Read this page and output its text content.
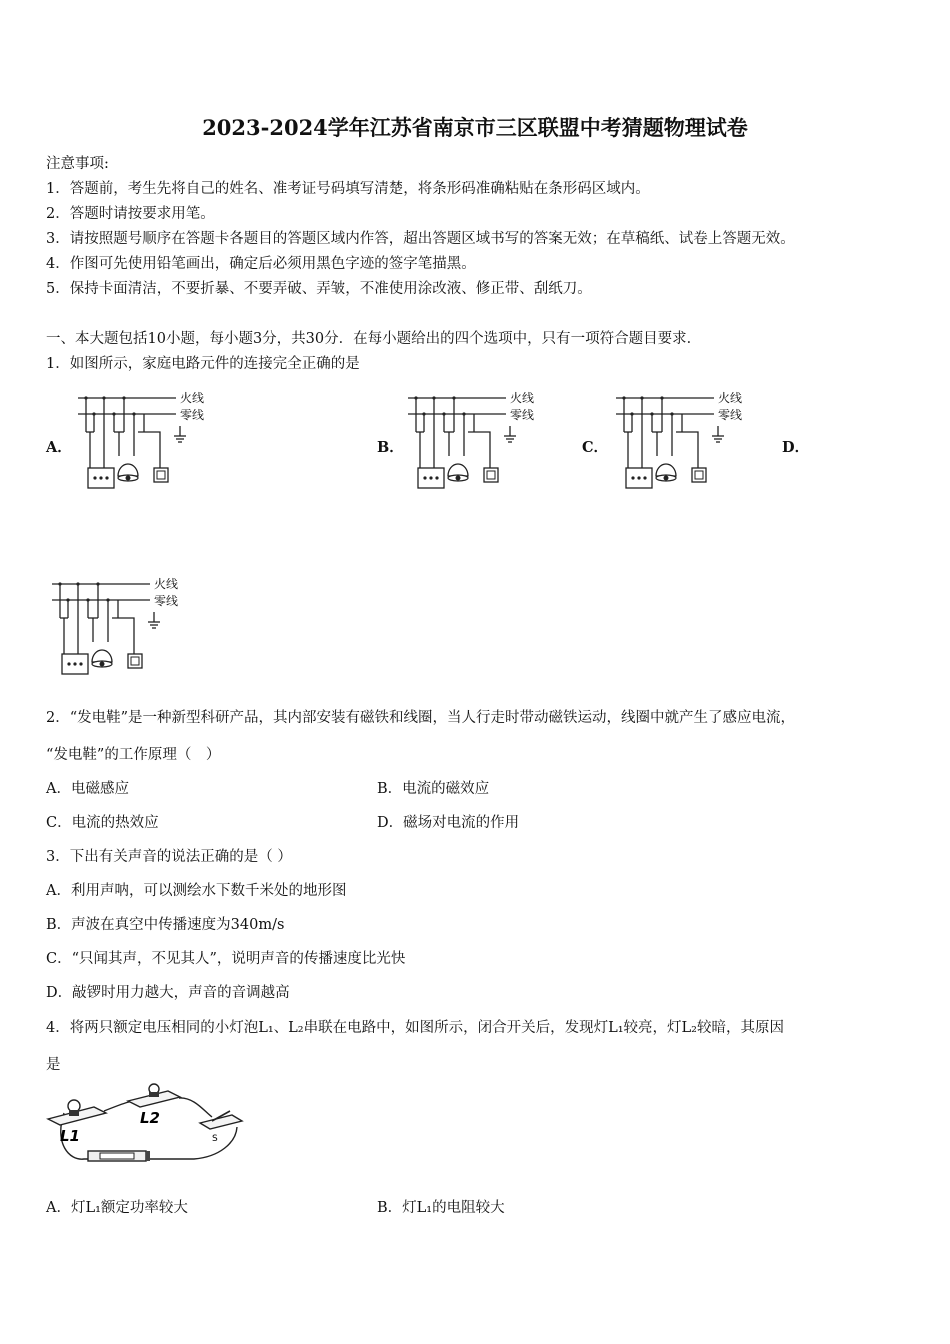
2023-2024学年江苏省南京市三区联盟中考猜题物理试卷
注意事项:
1．答题前，考生先将自己的姓名、准考证号码填写清楚，将条形码准确粘贴在条形码区域内。
2．答题时请按要求用笔。
3．请按照题号顺序在答题卡各题目的答题区域内作答，超出答题区域书写的答案无效；在草稿纸、试卷上答题无效。
4．作图可先使用铅笔画出，确定后必须用黑色字迹的签字笔描黑。
5．保持卡面清洁，不要折暴、不要弄破、弄皱，不准使用涂改液、修正带、刮纸刀。
一、本大题包括10小题，每小题3分，共30分．在每小题给出的四个选项中，只有一项符合题目要求．
1．如图所示，家庭电路元件的连接完全正确的是
A．	B．	C．	D．
火线
零线
火线
零线
火线
零线
火线
零线
2．“发电鞋”是一种新型科研产品，其内部安装有磁铁和线圈，当人行走时带动磁铁运动，线圈中就产生了感应电流，
“发电鞋”的工作原理（　）
A．电磁感应	B．电流的磁效应
C．电流的热效应	D．磁场对电流的作用
3．下出有关声音的说法正确的是（ ）
A．利用声呐，可以测绘水下数千米处的地形图
B．声波在真空中传播速度为340m/s
C．“只闻其声，不见其人”，说明声音的传播速度比光快
D．敲锣时用力越大，声音的音调越高
4．将两只额定电压相同的小灯泡L₁、L₂串联在电路中，如图所示，闭合开关后，发现灯L₁较亮，灯L₂较暗，其原因
是
L1
L2
S
A．灯L₁额定功率较大	B．灯L₁的电阻较大
